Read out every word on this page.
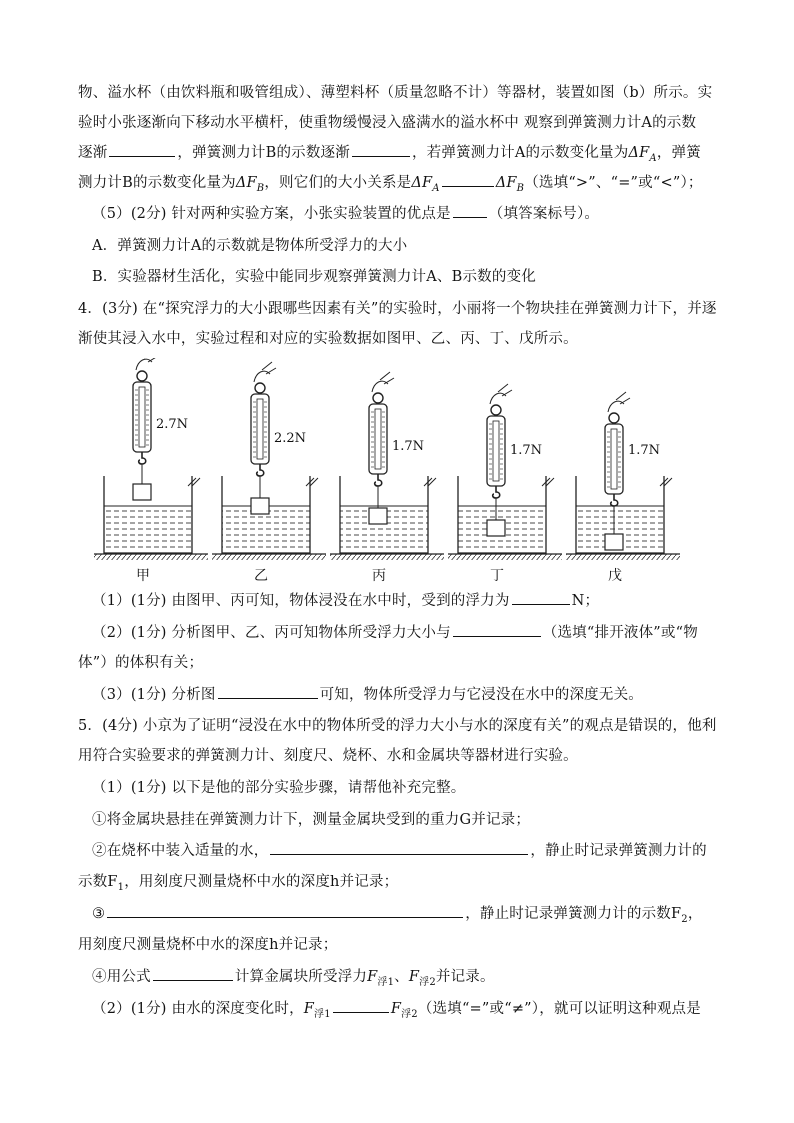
物、溢水杯（由饮料瓶和吸管组成）、薄塑料杯（质量忽略不计）等器材，装置如图（b）所示。实
验时小张逐渐向下移动水平横杆，使重物缓慢浸入盛满水的溢水杯中 观察到弹簧测力计A的示数
逐渐	，弹簧测力计B的示数逐渐	，若弹簧测力计A的示数变化量为$\Delta F_A$，弹簧
测力计B的示数变化量为$\Delta F_B$，则它们的大小关系是$\Delta F_A$	$\Delta F_B$（选填“>”、“=”或“<”）；
（5）(2分) 针对两种实验方案，小张实验装置的优点是	（填答案标号）。
A．弹簧测力计A的示数就是物体所受浮力的大小
B．实验器材生活化，实验中能同步观察弹簧测力计A、B示数的变化
4．(3分) 在“探究浮力的大小跟哪些因素有关”的实验时，小丽将一个物块挂在弹簧测力计下，并逐
渐使其浸入水中，实验过程和对应的实验数据如图甲、乙、丙、丁、戊所示。
2.7N
甲
2.2N
乙
1.7N
丙
1.7N
丁
1.7N
戊
（1）(1分) 由图甲、丙可知，物体浸没在水中时，受到的浮力为	N；
（2）(1分) 分析图甲、乙、丙可知物体所受浮力大小与	（选填“排开液体”或“物
体”）的体积有关；
（3）(1分) 分析图	可知，物体所受浮力与它浸没在水中的深度无关。
5．(4分) 小京为了证明“浸没在水中的物体所受的浮力大小与水的深度有关”的观点是错误的，他利
用符合实验要求的弹簧测力计、刻度尺、烧杯、水和金属块等器材进行实验。
（1）(1分) 以下是他的部分实验步骤，请帮他补充完整。
①将金属块悬挂在弹簧测力计下，测量金属块受到的重力G并记录；
②在烧杯中装入适量的水，	，静止时记录弹簧测力计的
示数$F_1$，用刻度尺测量烧杯中水的深度h并记录；
③	，静止时记录弹簧测力计的示数$F_2$，
用刻度尺测量烧杯中水的深度h并记录；
④用公式	计算金属块所受浮力$F_{浮1}$、$F_{浮2}$并记录。
（2）(1分) 由水的深度变化时，$F_{浮1}$	$F_{浮2}$（选填“=”或“≠”），就可以证明这种观点是
